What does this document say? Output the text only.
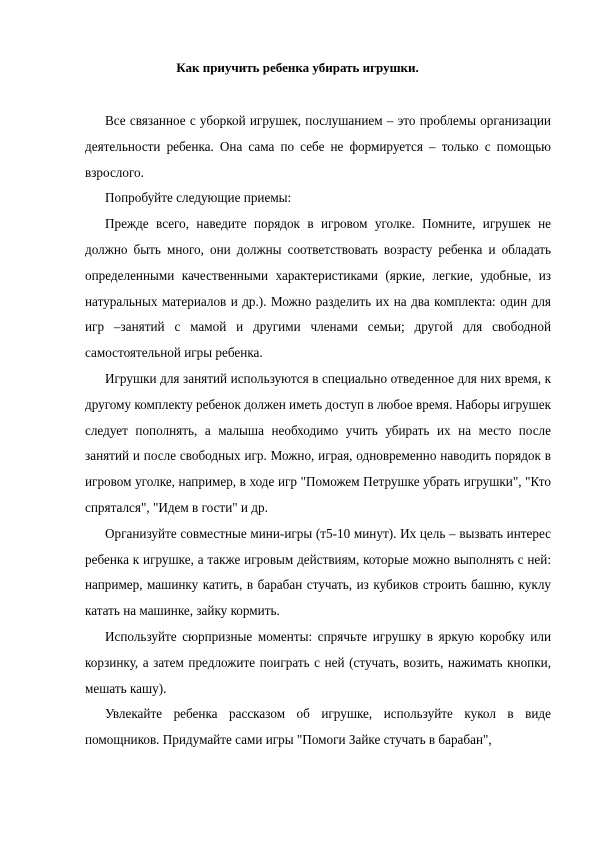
Как приучить ребенка убирать игрушки.

Все связанное с уборкой игрушек, послушанием – это проблемы организации деятельности ребенка. Она сама по себе не формируется – только с помощью взрослого.

Попробуйте следующие приемы:

Прежде всего, наведите порядок в игровом уголке. Помните, игрушек не должно быть много, они должны соответствовать возрасту ребенка и обладать определенными качественными характеристиками (яркие, легкие, удобные, из натуральных материалов и др.). Можно разделить их на два комплекта: один для игр –занятий с мамой и другими членами семьи; другой для свободной самостоятельной игры ребенка.

Игрушки для занятий используются в специально отведенное для них время, к другому комплекту ребенок должен иметь доступ в любое время. Наборы игрушек следует пополнять, а малыша необходимо учить убирать их на место после занятий и после свободных игр. Можно, играя, одновременно наводить порядок в игровом уголке, например, в ходе игр "Поможем Петрушке убрать игрушки", "Кто спрятался", "Идем в гости" и др.

Организуйте совместные мини-игры (т5-10 минут). Их цель – вызвать интерес ребенка к игрушке, а также игровым действиям, которые можно выполнять с ней: например, машинку катить, в барабан стучать, из кубиков строить башню, куклу катать на машинке, зайку кормить.

Используйте сюрпризные моменты: спрячьте игрушку в яркую коробку или корзинку, а затем предложите поиграть с ней (стучать, возить, нажимать кнопки, мешать кашу).

Увлекайте ребенка рассказом об игрушке, используйте кукол в виде помощников. Придумайте сами игры "Помоги Зайке стучать в барабан",
